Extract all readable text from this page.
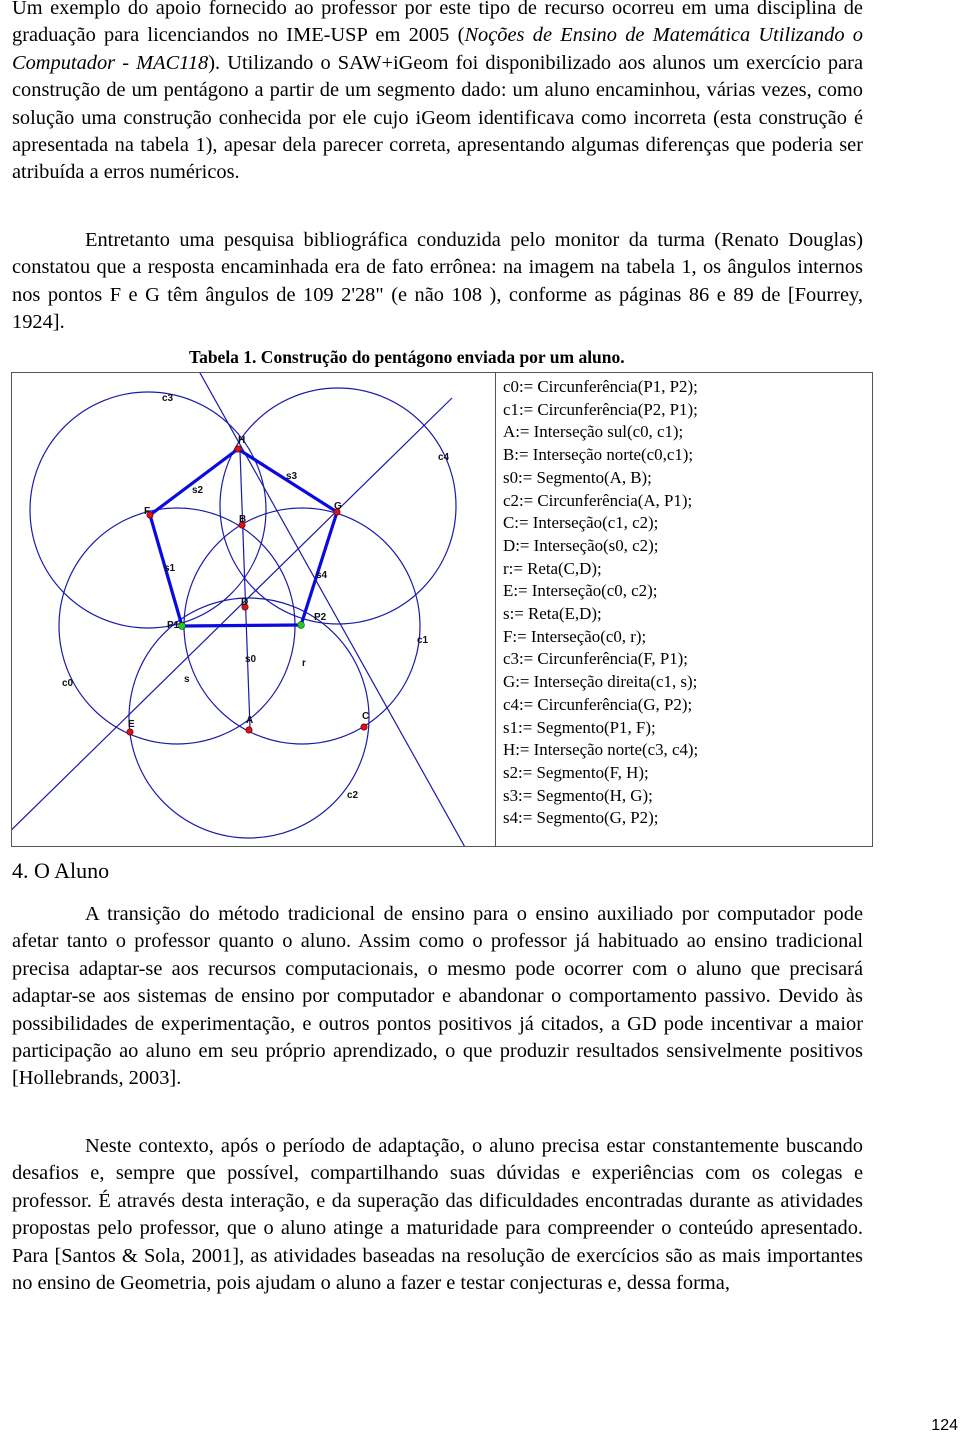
Um exemplo do apoio fornecido ao professor por este tipo de recurso ocorreu em uma disciplina de graduação para licenciandos no IME-USP em 2005 (Noções de Ensino de Matemática Utilizando o Computador - MAC118). Utilizando o SAW+iGeom foi disponibilizado aos alunos um exercício para construção de um pentágono a partir de um segmento dado: um aluno encaminhou, várias vezes, como solução uma construção conhecida por ele cujo iGeom identificava como incorreta (esta construção é apresentada na tabela 1), apesar dela parecer correta, apresentando algumas diferenças que poderia ser atribuída a erros numéricos.

Entretanto uma pesquisa bibliográfica conduzida pelo monitor da turma (Renato Douglas) constatou que a resposta encaminhada era de fato errônea: na imagem na tabela 1, os ângulos internos nos pontos F e G têm ângulos de 109 2'28" (e não 108 ), conforme as páginas 86 e 89 de [Fourrey, 1924].

Tabela 1. Construção do pentágono enviada por um aluno.

c3
H
c4
s3
s2
F	G
B
s1
s4
D
P1
P2
c1
s0	r
c0	s
E	A	C
c2
c0:= Circunferência(P1, P2);
c1:= Circunferência(P2, P1);
A:= Interseção sul(c0, c1);
B:= Interseção norte(c0,c1);
s0:= Segmento(A, B);
c2:= Circunferência(A, P1);
C:= Interseção(c1, c2);
D:= Interseção(s0, c2);
r:= Reta(C,D);
E:= Interseção(c0, c2);
s:= Reta(E,D);
F:= Interseção(c0, r);
c3:= Circunferência(F, P1);
G:= Interseção direita(c1, s);
c4:= Circunferência(G, P2);
s1:= Segmento(P1, F);
H:= Interseção norte(c3, c4);
s2:= Segmento(F, H);
s3:= Segmento(H, G);
s4:= Segmento(G, P2);
4. O Aluno

A transição do método tradicional de ensino para o ensino auxiliado por computador pode afetar tanto o professor quanto o aluno. Assim como o professor já habituado ao ensino tradicional precisa adaptar-se aos recursos computacionais, o mesmo pode ocorrer com o aluno que precisará adaptar-se aos sistemas de ensino por computador e abandonar o comportamento passivo. Devido às possibilidades de experimentação, e outros pontos positivos já citados, a GD pode incentivar a maior participação ao aluno em seu próprio aprendizado, o que produzir resultados sensivelmente positivos [Hollebrands, 2003].

Neste contexto, após o período de adaptação, o aluno precisa estar constantemente buscando desafios e, sempre que possível, compartilhando suas dúvidas e experiências com os colegas e professor. É através desta interação, e da superação das dificuldades encontradas durante as atividades propostas pelo professor, que o aluno atinge a maturidade para compreender o conteúdo apresentado. Para [Santos & Sola, 2001], as atividades baseadas na resolução de exercícios são as mais importantes no ensino de Geometria, pois ajudam o aluno a fazer e testar conjecturas e, dessa forma,

124
